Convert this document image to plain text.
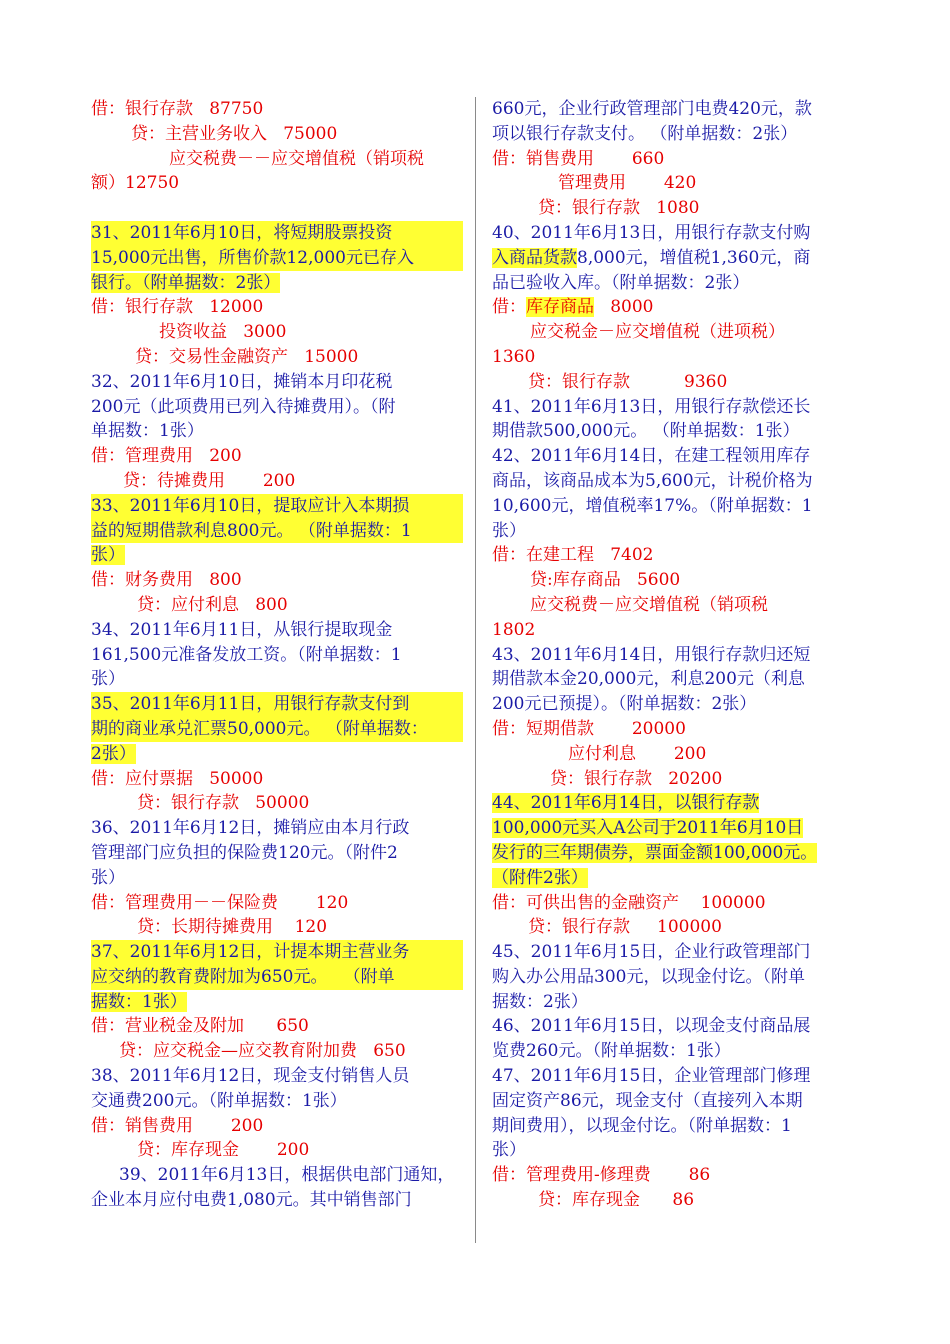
借：银行存款   87750
贷：主营业务收入   75000
应交税费－－应交增值税（销项税
额）12750
31、2011年6月10日，将短期股票投资
15,000元出售，所售价款12,000元已存入
银行。（附单据数：2张）
借：银行存款   12000
投资收益   3000
贷：交易性金融资产   15000
32、2011年6月10日，摊销本月印花税
200元（此项费用已列入待摊费用）。（附
单据数：1张）
借：管理费用   200
贷：待摊费用       200
33、2011年6月10日，提取应计入本期损
益的短期借款利息800元。 （附单据数：1
张）
借：财务费用   800
贷：应付利息   800
34、2011年6月11日，从银行提取现金
161,500元准备发放工资。（附单据数：1
张）
35、2011年6月11日，用银行存款支付到
期的商业承兑汇票50,000元。 （附单据数：
2张）
借：应付票据   50000
贷：银行存款   50000
36、2011年6月12日，摊销应由本月行政
管理部门应负担的保险费120元。（附件2
张）
借：管理费用－－保险费       120
贷：长期待摊费用    120
37、2011年6月12日，计提本期主营业务
应交纳的教育费附加为650元。   （附单
据数：1张）
借：营业税金及附加      650
贷：应交税金—应交教育附加费   650
38、2011年6月12日，现金支付销售人员
交通费200元。（附单据数：1张）
借：销售费用       200
贷：库存现金       200
39、2011年6月13日，根据供电部门通知，
企业本月应付电费1,080元。其中销售部门
660元，企业行政管理部门电费420元，款
项以银行存款支付。 （附单据数：2张）
借：销售费用       660
管理费用       420
贷：银行存款   1080
40、2011年6月13日，用银行存款支付购
入商品货款8,000元，增值税1,360元，商
品已验收入库。（附单据数：2张）
借：库存商品   8000
应交税金－应交增值税（进项税）
1360
贷：银行存款          9360
41、2011年6月13日，用银行存款偿还长
期借款500,000元。 （附单据数：1张）
42、2011年6月14日，在建工程领用库存
商品，该商品成本为5,600元，计税价格为
10,600元，增值税率17%。（附单据数：1
张）
借：在建工程   7402
贷:库存商品   5600
应交税费－应交增值税（销项税
1802
43、2011年6月14日，用银行存款归还短
期借款本金20,000元，利息200元（利息
200元已预提）。（附单据数：2张）
借：短期借款       20000
应付利息       200
贷：银行存款   20200
44、2011年6月14日，以银行存款
100,000元买入A公司于2011年6月10日
发行的三年期债券，票面金额100,000元。
（附件2张）
借：可供出售的金融资产    100000
贷：银行存款     100000
45、2011年6月15日，企业行政管理部门
购入办公用品300元，以现金付讫。（附单
据数：2张）
46、2011年6月15日，以现金支付商品展
览费260元。（附单据数：1张）
47、2011年6月15日，企业管理部门修理
固定资产86元，现金支付（直接列入本期
期间费用），以现金付讫。（附单据数：1
张）
借：管理费用-修理费       86
贷：库存现金      86
